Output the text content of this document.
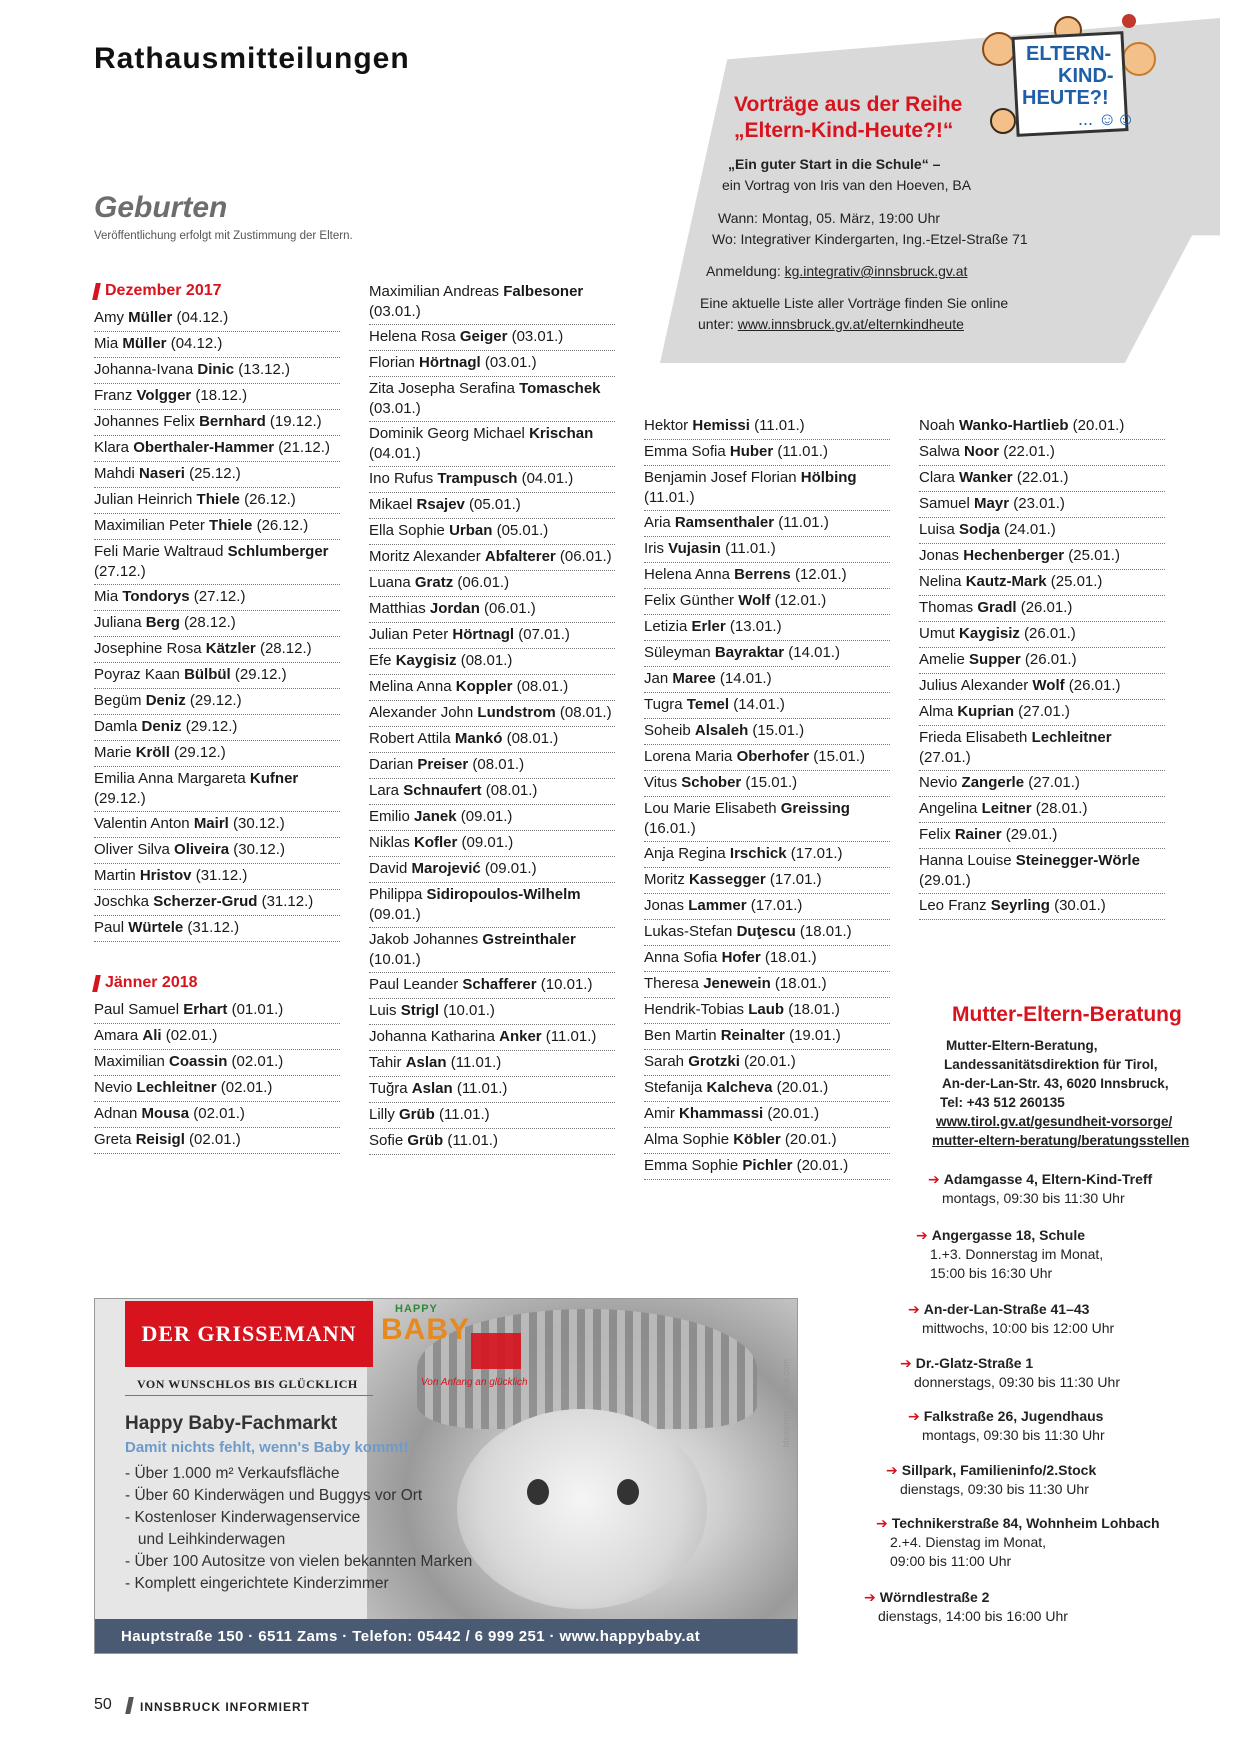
Rathausmitteilungen	ELTERN-
KIND-
HEUTE?!
... ☺☺
Vorträge aus der Reihe
„Eltern-Kind-Heute?!“
„Ein guter Start in die Schule“ –
ein Vortrag von Iris van den Hoeven, BA
Wann: Montag, 05. März, 19:00 Uhr
Wo: Integrativer Kindergarten, Ing.-Etzel-Straße 71
Anmeldung: kg.integrativ@innsbruck.gv.at
Eine aktuelle Liste aller Vorträge finden Sie online
unter: www.innsbruck.gv.at/elternkindheute
Geburten
Veröffentlichung erfolgt mit Zustimmung der Eltern.
Dezember 2017
Amy Müller (04.12.)
Mia Müller (04.12.)
Johanna-Ivana Dinic (13.12.)
Franz Volgger (18.12.)
Johannes Felix Bernhard (19.12.)
Klara Oberthaler-Hammer (21.12.)
Mahdi Naseri (25.12.)
Julian Heinrich Thiele (26.12.)
Maximilian Peter Thiele (26.12.)
Feli Marie Waltraud Schlumberger (27.12.)
Mia Tondorys (27.12.)
Juliana Berg (28.12.)
Josephine Rosa Kätzler (28.12.)
Poyraz Kaan Bülbül (29.12.)
Begüm Deniz (29.12.)
Damla Deniz (29.12.)
Marie Kröll (29.12.)
Emilia Anna Margareta Kufner (29.12.)
Valentin Anton Mairl (30.12.)
Oliver Silva Oliveira (30.12.)
Martin Hristov (31.12.)
Joschka Scherzer-Grud (31.12.)
Paul Würtele (31.12.)
Jänner 2018
Paul Samuel Erhart (01.01.)
Amara Ali (02.01.)
Maximilian Coassin (02.01.)
Nevio Lechleitner (02.01.)
Adnan Mousa (02.01.)
Greta Reisigl (02.01.)
Maximilian Andreas Falbesoner (03.01.)
Helena Rosa Geiger (03.01.)
Florian Hörtnagl (03.01.)
Zita Josepha Serafina Tomaschek (03.01.)
Dominik Georg Michael Krischan (04.01.)
Ino Rufus Trampusch (04.01.)
Mikael Rsajev (05.01.)
Ella Sophie Urban (05.01.)
Moritz Alexander Abfalterer (06.01.)
Luana Gratz (06.01.)
Matthias Jordan (06.01.)
Julian Peter Hörtnagl (07.01.)
Efe Kaygisiz (08.01.)
Melina Anna Koppler (08.01.)
Alexander John Lundstrom (08.01.)
Robert Attila Mankó (08.01.)
Darian Preiser (08.01.)
Lara Schnaufert (08.01.)
Emilio Janek (09.01.)
Niklas Kofler (09.01.)
David Marojević (09.01.)
Philippa Sidiropoulos-Wilhelm (09.01.)
Jakob Johannes Gstreinthaler (10.01.)
Paul Leander Schafferer (10.01.)
Luis Strigl (10.01.)
Johanna Katharina Anker (11.01.)
Tahir Aslan (11.01.)
Tuğra Aslan (11.01.)
Lilly Grüb (11.01.)
Sofie Grüb (11.01.)
Hektor Hemissi (11.01.)
Emma Sofia Huber (11.01.)
Benjamin Josef Florian Hölbing (11.01.)
Aria Ramsenthaler (11.01.)
Iris Vujasin (11.01.)
Helena Anna Berrens (12.01.)
Felix Günther Wolf (12.01.)
Letizia Erler (13.01.)
Süleyman Bayraktar (14.01.)
Jan Maree (14.01.)
Tugra Temel (14.01.)
Soheib Alsaleh (15.01.)
Lorena Maria Oberhofer (15.01.)
Vitus Schober (15.01.)
Lou Marie Elisabeth Greissing (16.01.)
Anja Regina Irschick (17.01.)
Moritz Kassegger (17.01.)
Jonas Lammer (17.01.)
Lukas-Stefan Duţescu (18.01.)
Anna Sofia Hofer (18.01.)
Theresa Jenewein (18.01.)
Hendrik-Tobias Laub (18.01.)
Ben Martin Reinalter (19.01.)
Sarah Grotzki (20.01.)
Stefanija Kalcheva (20.01.)
Amir Khammassi (20.01.)
Alma Sophie Köbler (20.01.)
Emma Sophie Pichler (20.01.)
Noah Wanko-Hartlieb (20.01.)
Salwa Noor (22.01.)
Clara Wanker (22.01.)
Samuel Mayr (23.01.)
Luisa Sodja (24.01.)
Jonas Hechenberger (25.01.)
Nelina Kautz-Mark (25.01.)
Thomas Gradl (26.01.)
Umut Kaygisiz (26.01.)
Amelie Supper (26.01.)
Julius Alexander Wolf (26.01.)
Alma Kuprian (27.01.)
Frieda Elisabeth Lechleitner (27.01.)
Nevio Zangerle (27.01.)
Angelina Leitner (28.01.)
Felix Rainer (29.01.)
Hanna Louise Steinegger-Wörle (29.01.)
Leo Franz Seyrling (30.01.)
Mutter-Eltern-Beratung
Mutter-Eltern-Beratung,
Landessanitätsdirektion für Tirol,
An-der-Lan-Str. 43, 6020 Innsbruck,
Tel: +43 512 260135
www.tirol.gv.at/gesundheit-vorsorge/
mutter-eltern-beratung/beratungsstellen
➔ Adamgasse 4, Eltern-Kind-Treff
montags, 09:30 bis 11:30 Uhr
➔ Angergasse 18, Schule
1.+3. Donnerstag im Monat,
15:00 bis 16:30 Uhr
➔ An-der-Lan-Straße 41–43
mittwochs, 10:00 bis 12:00 Uhr
➔ Dr.-Glatz-Straße 1
donnerstags, 09:30 bis 11:30 Uhr
➔ Falkstraße 26, Jugendhaus
montags, 09:30 bis 11:30 Uhr
➔ Sillpark, Familieninfo/2.Stock
dienstags, 09:30 bis 11:30 Uhr
➔ Technikerstraße 84, Wohnheim Lohbach
2.+4. Dienstag im Monat,
09:00 bis 11:00 Uhr
➔ Wörndlestraße 2
dienstags, 14:00 bis 16:00 Uhr
blessings / fotolia.com
DER GRISSEMANN
VON WUNSCHLOS BIS GLÜCKLICH
HAPPY
BABY
Von Anfang an glücklich
Happy Baby-Fachmarkt
Damit nichts fehlt, wenn's Baby kommt!
- Über 1.000 m² Verkaufsfläche
- Über 60 Kinderwägen und Buggys vor Ort
- Kostenloser Kinderwagenservice
und Leihkinderwagen
- Über 100 Autositze von vielen bekannten Marken
- Komplett eingerichtete Kinderzimmer
Hauptstraße 150 · 6511 Zams · Telefon: 05442 / 6 999 251 · www.happybaby.at
50 INNSBRUCK INFORMIERT
